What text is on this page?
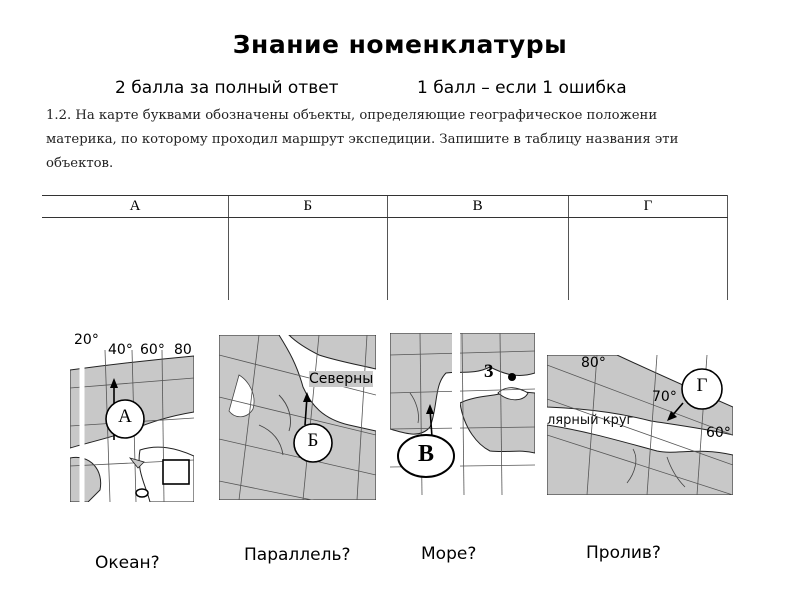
Знание номенклатуры
2 балла за полный ответ	1 балл – если 1 ошибка
1.2. На карте буквами обозначены объекты, определяющие географическое положени
материка, по которому проходил маршрут экспедиции. Запишите в таблицу названия эти
объектов.
А	Б	В	Г

20°
40° 60° 80
А
Северны
Б
3
В
80°
70°
60°
лярный круг
Г
Океан?	Параллель?	Море?	Пролив?
